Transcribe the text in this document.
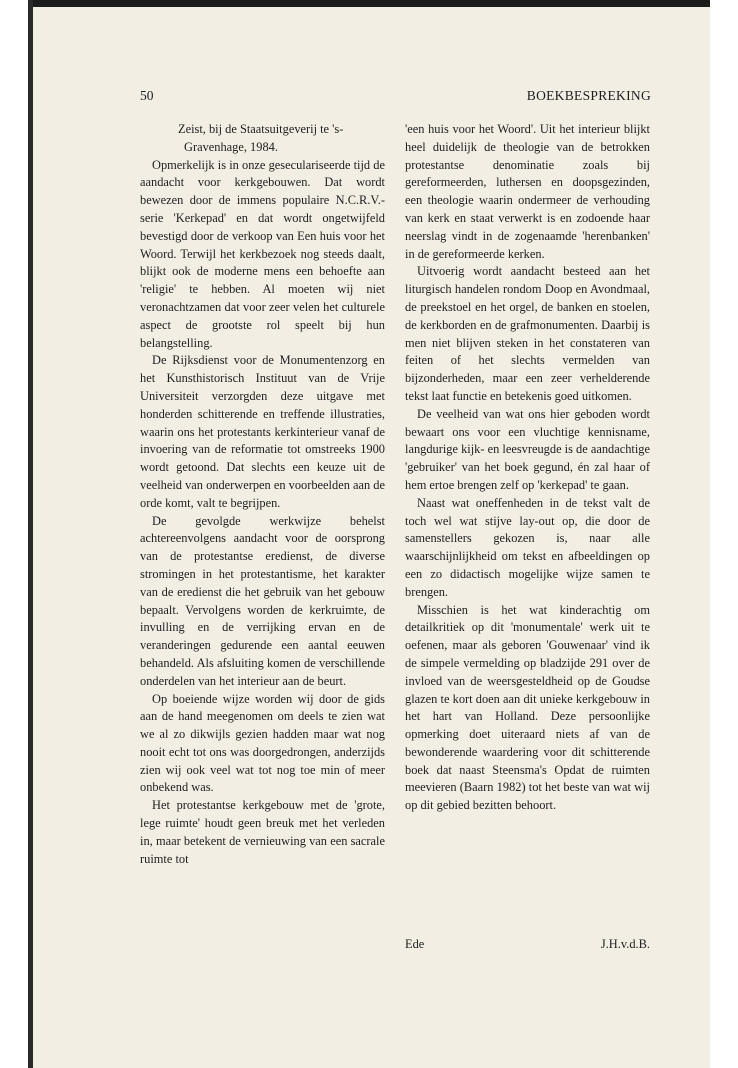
50	BOEKBESPREKING

Zeist, bij de Staatsuitgeverij te 's-Gravenhage, 1984.

Opmerkelijk is in onze geseculariseerde tijd de aandacht voor kerkgebouwen. Dat wordt bewezen door de immens populaire N.C.R.V.-serie 'Kerkepad' en dat wordt ongetwijfeld bevestigd door de verkoop van Een huis voor het Woord. Terwijl het kerkbezoek nog steeds daalt, blijkt ook de moderne mens een behoefte aan 'religie' te hebben. Al moeten wij niet veronachtzamen dat voor zeer velen het culturele aspect de grootste rol speelt bij hun belangstelling.

De Rijksdienst voor de Monumentenzorg en het Kunsthistorisch Instituut van de Vrije Universiteit verzorgden deze uitgave met honderden schitterende en treffende illustraties, waarin ons het protestants kerkinterieur vanaf de invoering van de reformatie tot omstreeks 1900 wordt getoond. Dat slechts een keuze uit de veelheid van onderwerpen en voorbeelden aan de orde komt, valt te begrijpen.

De gevolgde werkwijze behelst achtereenvolgens aandacht voor de oorsprong van de protestantse eredienst, de diverse stromingen in het protestantisme, het karakter van de eredienst die het gebruik van het gebouw bepaalt. Vervolgens worden de kerkruimte, de invulling en de verrijking ervan en de veranderingen gedurende een aantal eeuwen behandeld. Als afsluiting komen de verschillende onderdelen van het interieur aan de beurt.

Op boeiende wijze worden wij door de gids aan de hand meegenomen om deels te zien wat we al zo dikwijls gezien hadden maar wat nog nooit echt tot ons was doorgedrongen, anderzijds zien wij ook veel wat tot nog toe min of meer onbekend was.

Het protestantse kerkgebouw met de 'grote, lege ruimte' houdt geen breuk met het verleden in, maar betekent de vernieuwing van een sacrale ruimte tot

'een huis voor het Woord'. Uit het interieur blijkt heel duidelijk de theologie van de betrokken protestantse denominatie zoals bij gereformeerden, luthersen en doopsgezinden, een theologie waarin ondermeer de verhouding van kerk en staat verwerkt is en zodoende haar neerslag vindt in de zogenaamde 'herenbanken' in de gereformeerde kerken.

Uitvoerig wordt aandacht besteed aan het liturgisch handelen rondom Doop en Avondmaal, de preekstoel en het orgel, de banken en stoelen, de kerkborden en de grafmonumenten. Daarbij is men niet blijven steken in het constateren van feiten of het slechts vermelden van bijzonderheden, maar een zeer verhelderende tekst laat functie en betekenis goed uitkomen.

De veelheid van wat ons hier geboden wordt bewaart ons voor een vluchtige kennisname, langdurige kijk- en leesvreugde is de aandachtige 'gebruiker' van het boek gegund, én zal haar of hem ertoe brengen zelf op 'kerkepad' te gaan.

Naast wat oneffenheden in de tekst valt de toch wel wat stijve lay-out op, die door de samenstellers gekozen is, naar alle waarschijnlijkheid om tekst en afbeeldingen op een zo didactisch mogelijke wijze samen te brengen.

Misschien is het wat kinderachtig om detailkritiek op dit 'monumentale' werk uit te oefenen, maar als geboren 'Gouwenaar' vind ik de simpele vermelding op bladzijde 291 over de invloed van de weersgesteldheid op de Goudse glazen te kort doen aan dit unieke kerkgebouw in het hart van Holland. Deze persoonlijke opmerking doet uiteraard niets af van de bewonderende waardering voor dit schitterende boek dat naast Steensma's Opdat de ruimten meevieren (Baarn 1982) tot het beste van wat wij op dit gebied bezitten behoort.

Ede	J.H.v.d.B.
